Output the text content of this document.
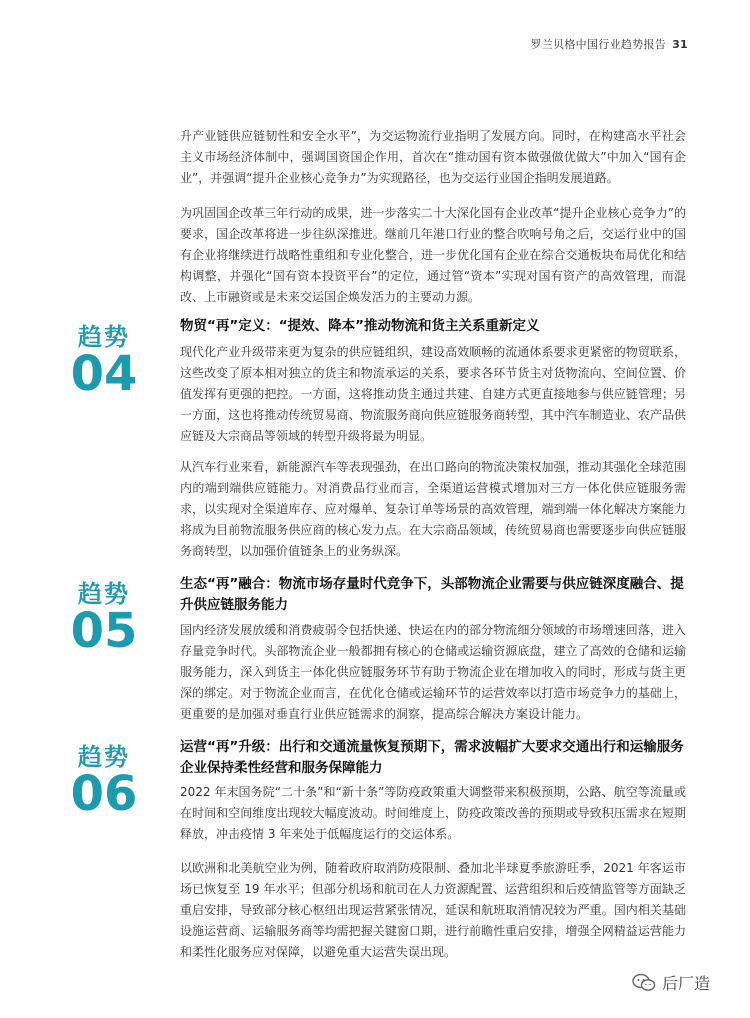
罗兰贝格中国行业趋势报告 31

升产业链供应链韧性和安全水平”，为交运物流行业指明了发展方向。同时，在构建高水平社会主义市场经济体制中，强调国资国企作用，首次在“推动国有资本做强做优做大”中加入“国有企业”，并强调“提升企业核心竞争力”为实现路径，也为交运行业国企指明发展道路。

为巩固国企改革三年行动的成果，进一步落实二十大深化国有企业改革“提升企业核心竞争力”的要求，国企改革将进一步往纵深推进。继前几年港口行业的整合吹响号角之后，交运行业中的国有企业将继续进行战略性重组和专业化整合，进一步优化国有企业在综合交通板块布局优化和结构调整，并强化“国有资本投资平台”的定位，通过管“资本”实现对国有资产的高效管理，而混改、上市融资或是未来交运国企焕发活力的主要动力源。

趋势
04

物贸“再”定义：“提效、降本”推动物流和货主关系重新定义

现代化产业升级带来更为复杂的供应链组织，建设高效顺畅的流通体系要求更紧密的物贸联系，这些改变了原本相对独立的货主和物流承运的关系，要求各环节货主对货物流向、空间位置、价值发挥有更强的把控。一方面，这将推动货主通过共建、自建方式更直接地参与供应链管理；另一方面，这也将推动传统贸易商、物流服务商向供应链服务商转型，其中汽车制造业、农产品供应链及大宗商品等领域的转型升级将最为明显。

从汽车行业来看，新能源汽车等表现强劲，在出口路向的物流决策权加强，推动其强化全球范围内的端到端供应链能力。对消费品行业而言，全渠道运营模式增加对三方一体化供应链服务需求，以实现对全渠道库存、应对爆单、复杂订单等场景的高效管理，端到端一体化解决方案能力将成为目前物流服务供应商的核心发力点。在大宗商品领域，传统贸易商也需要逐步向供应链服务商转型，以加强价值链条上的业务纵深。

趋势
05

生态“再”融合：物流市场存量时代竞争下，头部物流企业需要与供应链深度融合、提升供应链服务能力

国内经济发展放缓和消费疲弱令包括快递、快运在内的部分物流细分领域的市场增速回落，进入存量竞争时代。头部物流企业一般都拥有核心的仓储或运输资源底盘，建立了高效的仓储和运输服务能力，深入到货主一体化供应链服务环节有助于物流企业在增加收入的同时，形成与货主更深的绑定。对于物流企业而言，在优化仓储或运输环节的运营效率以打造市场竞争力的基础上，更重要的是加强对垂直行业供应链需求的洞察，提高综合解决方案设计能力。

趋势
06

运营“再”升级：出行和交通流量恢复预期下，需求波幅扩大要求交通出行和运输服务企业保持柔性经营和服务保障能力

2022 年末国务院“二十条”和“新十条”等防疫政策重大调整带来积极预期，公路、航空等流量或在时间和空间维度出现较大幅度波动。时间维度上，防疫政策改善的预期或导致积压需求在短期释放，冲击疫情 3 年来处于低幅度运行的交运体系。

以欧洲和北美航空业为例，随着政府取消防疫限制、叠加北半球夏季旅游旺季，2021 年客运市场已恢复至 19 年水平；但部分机场和航司在人力资源配置、运营组织和后疫情监管等方面缺乏重启安排，导致部分核心枢纽出现运营紧张情况，延误和航班取消情况较为严重。国内相关基础设施运营商、运输服务商等均需把握关键窗口期，进行前瞻性重启安排，增强全网精益运营能力和柔性化服务应对保障，以避免重大运营失误出现。

后厂造
